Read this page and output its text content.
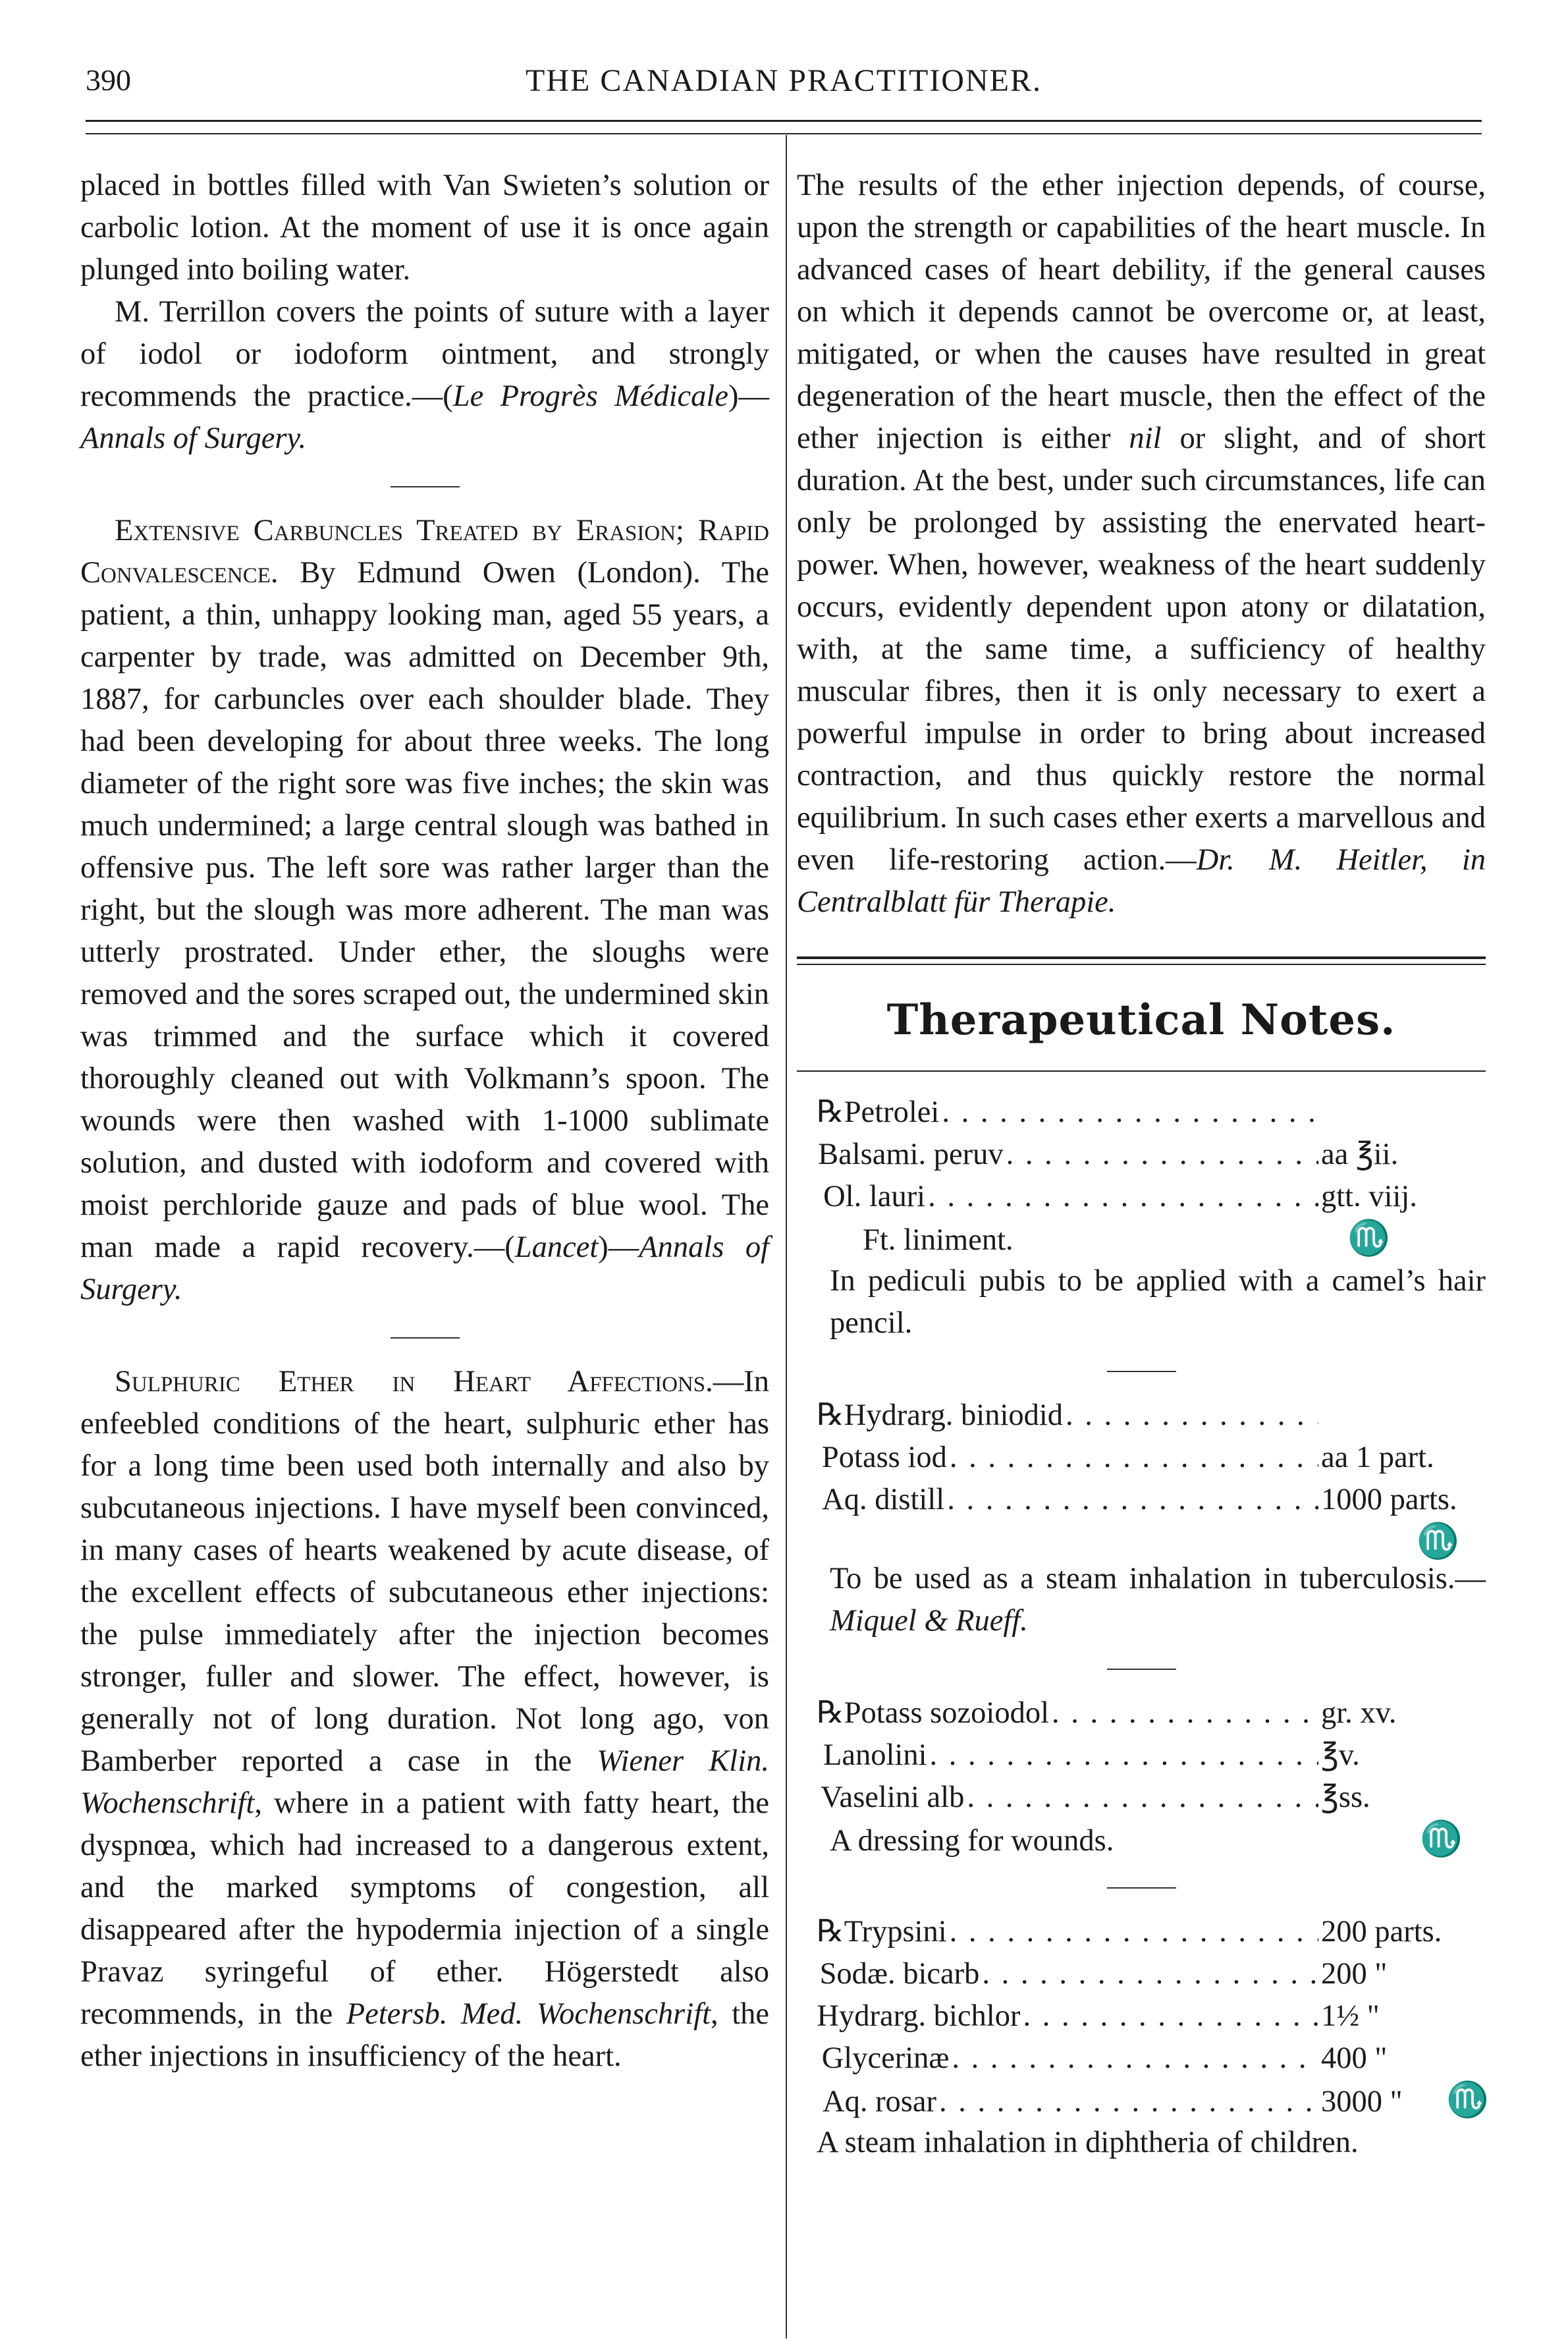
390	THE CANADIAN PRACTITIONER.

placed in bottles filled with Van Swieten’s solution or carbolic lotion. At the moment of use it is once again plunged into boiling water.

M. Terrillon covers the points of suture with a layer of iodol or iodoform ointment, and strongly recommends the practice.—(Le Progrès Médicale)—Annals of Surgery.

Extensive Carbuncles Treated by Erasion; Rapid Convalescence. By Edmund Owen (London). The patient, a thin, unhappy looking man, aged 55 years, a carpenter by trade, was admitted on December 9th, 1887, for carbuncles over each shoulder blade. They had been developing for about three weeks. The long diameter of the right sore was five inches; the skin was much undermined; a large central slough was bathed in offensive pus. The left sore was rather larger than the right, but the slough was more adherent. The man was utterly prostrated. Under ether, the sloughs were removed and the sores scraped out, the undermined skin was trimmed and the surface which it covered thoroughly cleaned out with Volkmann’s spoon. The wounds were then washed with 1-1000 sublimate solution, and dusted with iodoform and covered with moist perchloride gauze and pads of blue wool. The man made a rapid recovery.—(Lancet)—Annals of Surgery.

Sulphuric Ether in Heart Affections.—In enfeebled conditions of the heart, sulphuric ether has for a long time been used both internally and also by subcutaneous injections. I have myself been convinced, in many cases of hearts weakened by acute disease, of the excellent effects of subcutaneous ether injections: the pulse immediately after the injection becomes stronger, fuller and slower. The effect, however, is generally not of long duration. Not long ago, von Bamberber reported a case in the Wiener Klin. Wochenschrift, where in a patient with fatty heart, the dyspnœa, which had increased to a dangerous extent, and the marked symptoms of congestion, all disappeared after the hypodermia injection of a single Pravaz syringeful of ether. Högerstedt also recommends, in the Petersb. Med. Wochenschrift, the ether injections in insufficiency of the heart.

The results of the ether injection depends, of course, upon the strength or capabilities of the heart muscle. In advanced cases of heart debility, if the general causes on which it depends cannot be overcome or, at least, mitigated, or when the causes have resulted in great degeneration of the heart muscle, then the effect of the ether injection is either nil or slight, and of short duration. At the best, under such circumstances, life can only be prolonged by assisting the enervated heart-power. When, however, weakness of the heart suddenly occurs, evidently dependent upon atony or dilatation, with, at the same time, a sufficiency of healthy muscular fibres, then it is only necessary to exert a powerful impulse in order to bring about increased contraction, and thus quickly restore the normal equilibrium. In such cases ether exerts a marvellous and even life-restoring action.—Dr. M. Heitler, in Centralblatt für Therapie.

Therapeutical Notes.
℞ Petrolei
. . .
Balsami. peruv . . .	aa ℥ii.
Ol. lauri . . .	gtt. viij.
Ft. liniment.	♏

In pediculi pubis to be applied with a camel’s hair pencil.

℞ Hydrarg. biniodid
. . .
Potass iod . . .	aa 1 part.
Aq. distill . . .	1000 parts.
♏

To be used as a steam inhalation in tuberculosis.—Miquel & Rueff.

℞ Potass sozoiodol . . .	gr. xv.
Lanolini . . .	℥v.
Vaselini alb . . .	℥ss.
A dressing for wounds.	♏
℞ Trypsini . . .	200 parts.
Sodæ. bicarb . . .	200 "
Hydrarg. bichlor . . .	1½ "
Glycerinæ . . .	400 "
Aq. rosar . . .	3000 "	♏

A steam inhalation in diphtheria of children.
